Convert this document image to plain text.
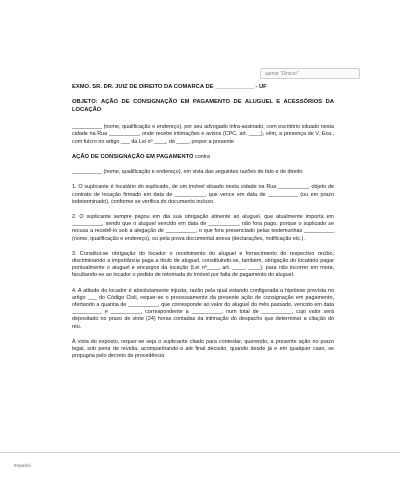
ajente “Dinicio”

EXMO. SR. DR. JUIZ DE DIREITO DA COMARCA DE ____________ - UF

OBJETO: AÇÃO DE CONSIGNAÇÃO EM PAGAMENTO DE ALUGUEL E ACESSÓRIOS DA LOCAÇÃO

__________ (nome, qualificação e endereço), por seu advogado infra-assinado, com escritório situado nesta cidade na Rua __________, onde recebe intimações e avisos (CPC, art. ____), vêm, a presença de V. Exa., com fulcro no artigo ___ da Lei nº ____, de ____, propor a presente

AÇÃO DE CONSIGNAÇÃO EM PAGAMENTO contra

__________ (nome, qualificação e endereço), em vista das seguintes razões de fato e de direito:

1. O suplicante é locatário do suplicado, de um imóvel situado nesta cidade na Rua __________, objeto de contrato de locação firmado em data de __________, que vence em data de __________ (ou em prazo indeterminado), conforme se verifica do documento incluso.

2. O suplicante sempre pagou em dia sua obrigação atinente ao aluguel, que atualmente importa em __________, sendo que o aluguel vencido em data de __________, não fora pago, porque o suplicado se recusa a recebê-lo sob a alegação de __________, o que fora presenciado pelas testemunhas __________ (nome, qualificação e endereço), ou pela prova documental anexa (declarações, notificação etc.).

3. Constitui-se obrigação do locador o recebimento do aluguel e fornecimento do respectivo recibo, discriminando a importância paga a título de aluguel, constituindo-se, também, obrigação do locatário pagar pontualmente o aluguel e encargos da locação (Lei nº____, art. ____, ____), para não incorrer em mora, facultando-se ao locador o pedido de retomada do imóvel por falta de pagamento do aluguel.

4. A atitude do locador é absolutamente injusta, razão pela qual estando configurada a hipótese prevista no artigo ___ do Código Civil, requer-se o processamento da presente ação de consignação em pagamento, ofertando a quantia de __________, que corresponde ao valor do aluguel do mês passado, vencido em data __________ e __________, correspondente a __________, num total de __________, cujo valor será depositado no prazo de vinte (24) horas contadas da intimação do despacho que determinar a citação do réu.

À vista do exposto, requer-se seja o suplicante citado para contestar, querendo, a presente ação no prazo legal, sob pena de revelia, acompanhando-a até final decisão, quando desde já e em qualquer caso, se propugna pelo decreto de procedência

Español
